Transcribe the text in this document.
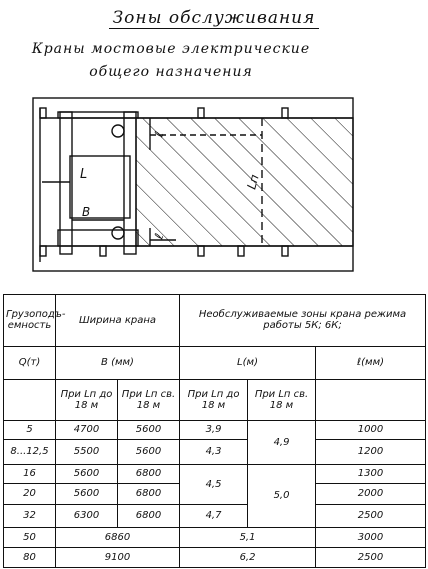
Зоны обслуживания
Краны мостовые электрические
общего назначения
L
B
Lп
ℓ
ℓ
Грузоподъ-емность	Ширина крана		Необслуживаемые зоны крана режима работы 5К; 6К;		
Q(т)	B (мм)		L(м)		ℓ(мм)
	При Lп до 18 м	При Lп св. 18 м	При Lп до 18 м	При Lп св. 18 м	
5	4700	5600	3,9	4,9	1000
8...12,5	5500	5600	4,3		1200
16	5600	6800	4,5	5,0	1300
20	5600	6800			2000
32	6300	6800	4,7		2500
50	6860		5,1		3000
80	9100		6,2		2500
